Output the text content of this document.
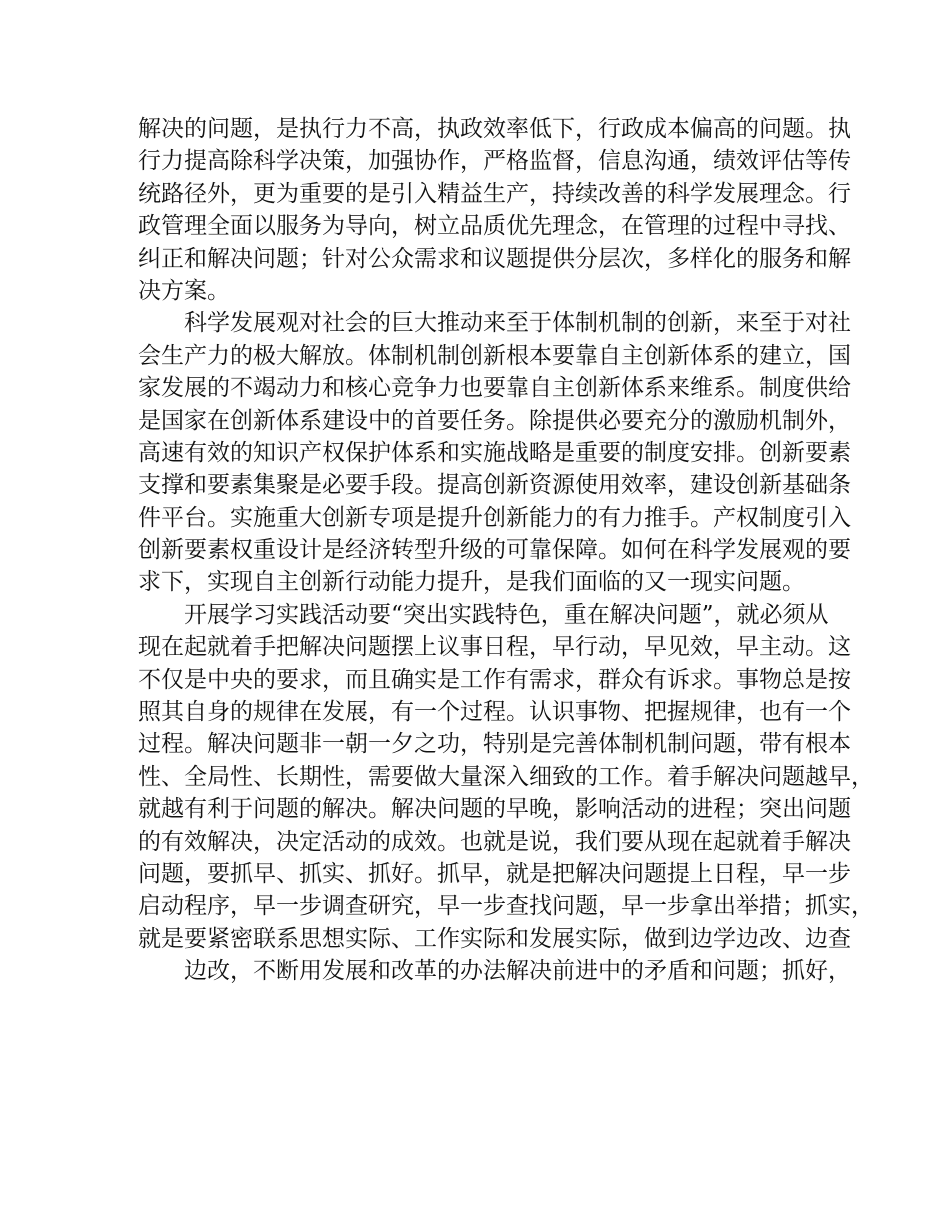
解决的问题，是执行力不高，执政效率低下，行政成本偏高的问题。执
行力提高除科学决策，加强协作，严格监督，信息沟通，绩效评估等传
统路径外，更为重要的是引入精益生产，持续改善的科学发展理念。行
政管理全面以服务为导向，树立品质优先理念，在管理的过程中寻找、
纠正和解决问题；针对公众需求和议题提供分层次，多样化的服务和解
决方案。
科学发展观对社会的巨大推动来至于体制机制的创新，来至于对社
会生产力的极大解放。体制机制创新根本要靠自主创新体系的建立，国
家发展的不竭动力和核心竞争力也要靠自主创新体系来维系。制度供给
是国家在创新体系建设中的首要任务。除提供必要充分的激励机制外，
高速有效的知识产权保护体系和实施战略是重要的制度安排。创新要素
支撑和要素集聚是必要手段。提高创新资源使用效率，建设创新基础条
件平台。实施重大创新专项是提升创新能力的有力推手。产权制度引入
创新要素权重设计是经济转型升级的可靠保障。如何在科学发展观的要
求下，实现自主创新行动能力提升，是我们面临的又一现实问题。
开展学习实践活动要“突出实践特色，重在解决问题”，就必须从
现在起就着手把解决问题摆上议事日程，早行动，早见效，早主动。这
不仅是中央的要求，而且确实是工作有需求，群众有诉求。事物总是按
照其自身的规律在发展，有一个过程。认识事物、把握规律，也有一个
过程。解决问题非一朝一夕之功，特别是完善体制机制问题，带有根本
性、全局性、长期性，需要做大量深入细致的工作。着手解决问题越早，
就越有利于问题的解决。解决问题的早晚，影响活动的进程；突出问题
的有效解决，决定活动的成效。也就是说，我们要从现在起就着手解决
问题，要抓早、抓实、抓好。抓早，就是把解决问题提上日程，早一步
启动程序，早一步调查研究，早一步查找问题，早一步拿出举措；抓实，
就是要紧密联系思想实际、工作实际和发展实际，做到边学边改、边查
边改，不断用发展和改革的办法解决前进中的矛盾和问题；抓好，
